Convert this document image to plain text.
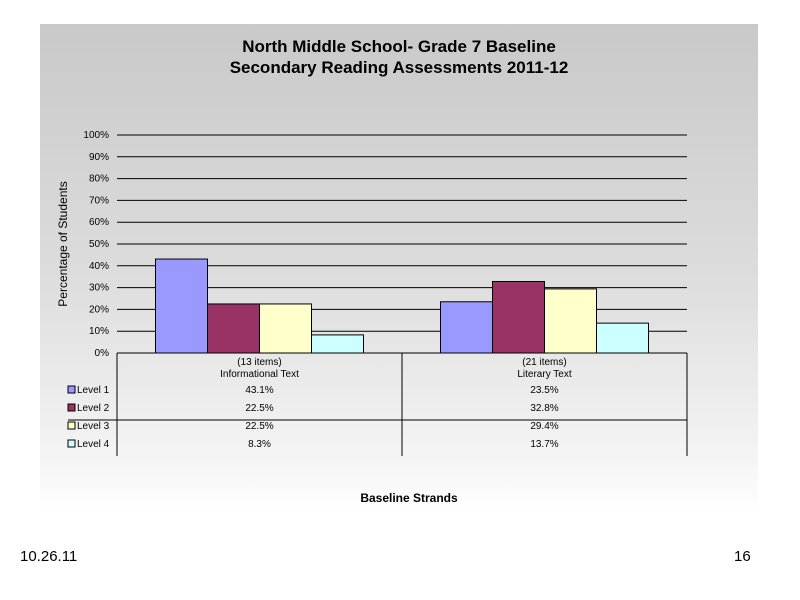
North Middle School- Grade 7 Baseline
Secondary Reading Assessments 2011-12
0%
10%
20%
30%
40%
50%
60%
70%
80%
90%
100%
Percentage of Students
(13 items)
Informational Text
(21 items)
Literary Text
Level 1	43.1%	23.5%
Level 2	22.5%	32.8%
Level 3	22.5%	29.4%
Level 4	8.3%	13.7%
Baseline Strands
10.26.11	16
